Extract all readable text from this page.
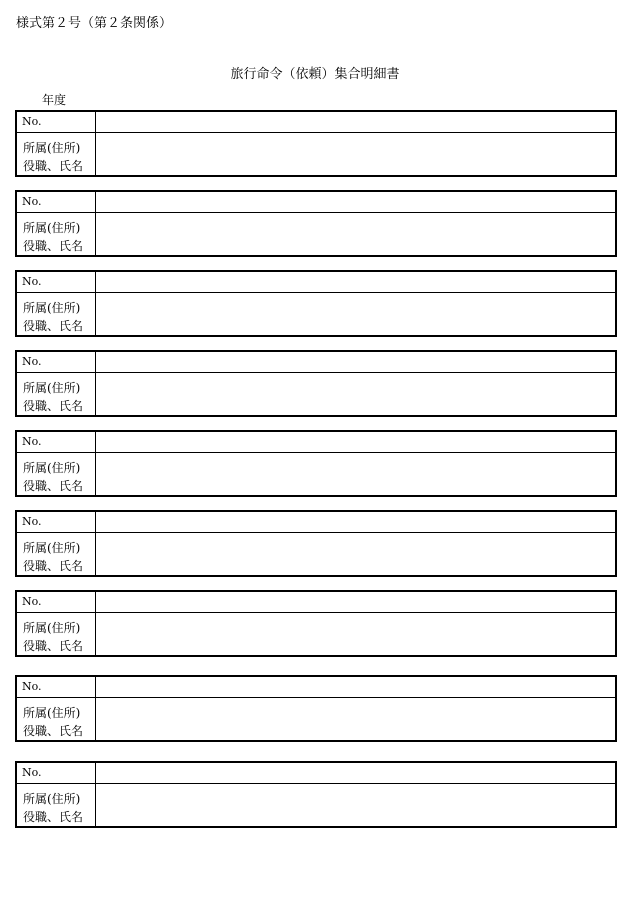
様式第２号（第２条関係）
旅行命令（依頼）集合明細書
年度
No.
所属(住所)
役職、氏名
No.
所属(住所)
役職、氏名
No.
所属(住所)
役職、氏名
No.
所属(住所)
役職、氏名
No.
所属(住所)
役職、氏名
No.
所属(住所)
役職、氏名
No.
所属(住所)
役職、氏名
No.
所属(住所)
役職、氏名
No.
所属(住所)
役職、氏名
